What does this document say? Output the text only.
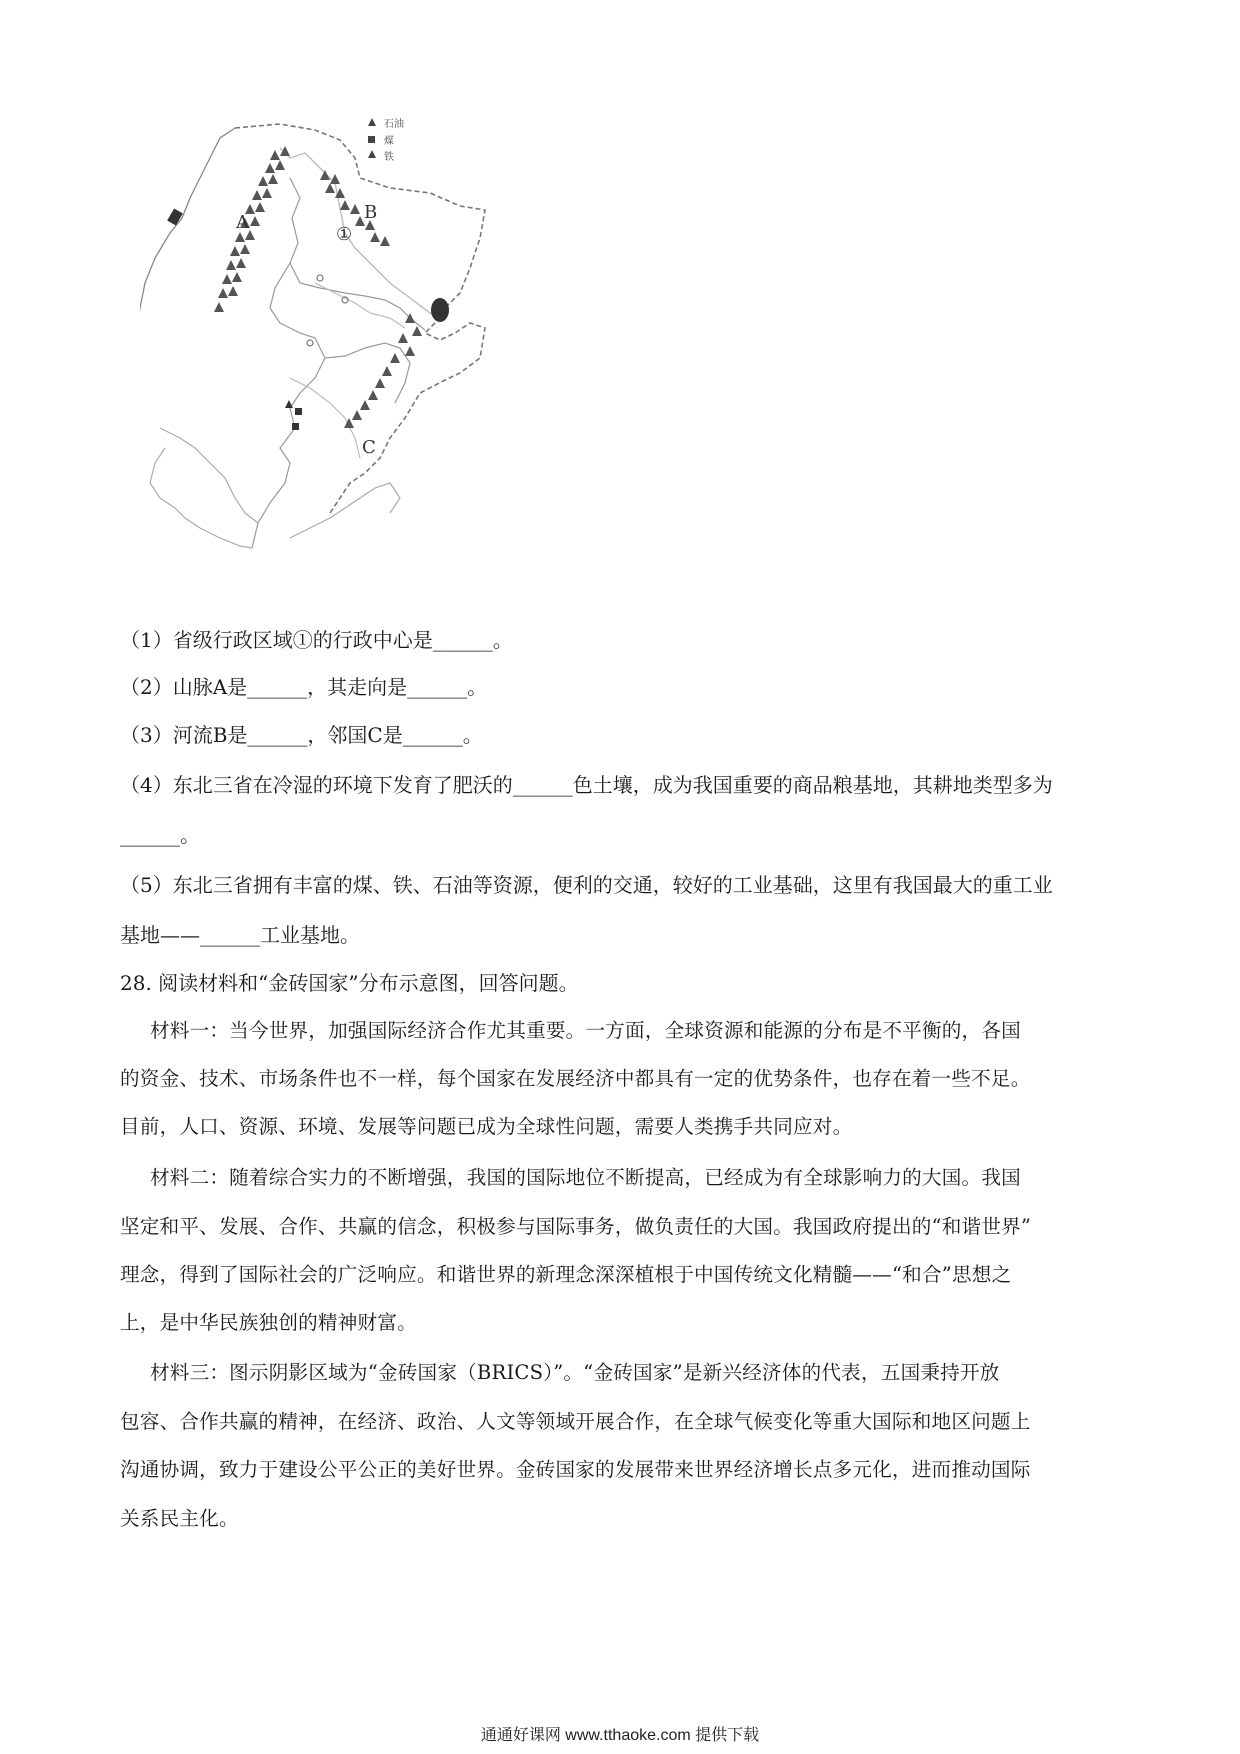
石油
煤
铁
A	B
①
C
（1）省级行政区域①的行政中心是______。
（2）山脉A是______，其走向是______。
（3）河流B是______，邻国C是______。
（4）东北三省在冷湿的环境下发育了肥沃的______色土壤，成为我国重要的商品粮基地，其耕地类型多为
______。
（5）东北三省拥有丰富的煤、铁、石油等资源，便利的交通，较好的工业基础，这里有我国最大的重工业
基地——______工业基地。
28. 阅读材料和“金砖国家”分布示意图，回答问题。
材料一：当今世界，加强国际经济合作尤其重要。一方面，全球资源和能源的分布是不平衡的，各国
的资金、技术、市场条件也不一样，每个国家在发展经济中都具有一定的优势条件，也存在着一些不足。
目前，人口、资源、环境、发展等问题已成为全球性问题，需要人类携手共同应对。
材料二：随着综合实力的不断增强，我国的国际地位不断提高，已经成为有全球影响力的大国。我国
坚定和平、发展、合作、共赢的信念，积极参与国际事务，做负责任的大国。我国政府提出的“和谐世界”
理念，得到了国际社会的广泛响应。和谐世界的新理念深深植根于中国传统文化精髓——“和合”思想之
上，是中华民族独创的精神财富。
材料三：图示阴影区域为“金砖国家（BRICS）”。“金砖国家”是新兴经济体的代表，五国秉持开放
包容、合作共赢的精神，在经济、政治、人文等领域开展合作，在全球气候变化等重大国际和地区问题上
沟通协调，致力于建设公平公正的美好世界。金砖国家的发展带来世界经济增长点多元化，进而推动国际
关系民主化。
通通好课网 www.tthaoke.com 提供下载
